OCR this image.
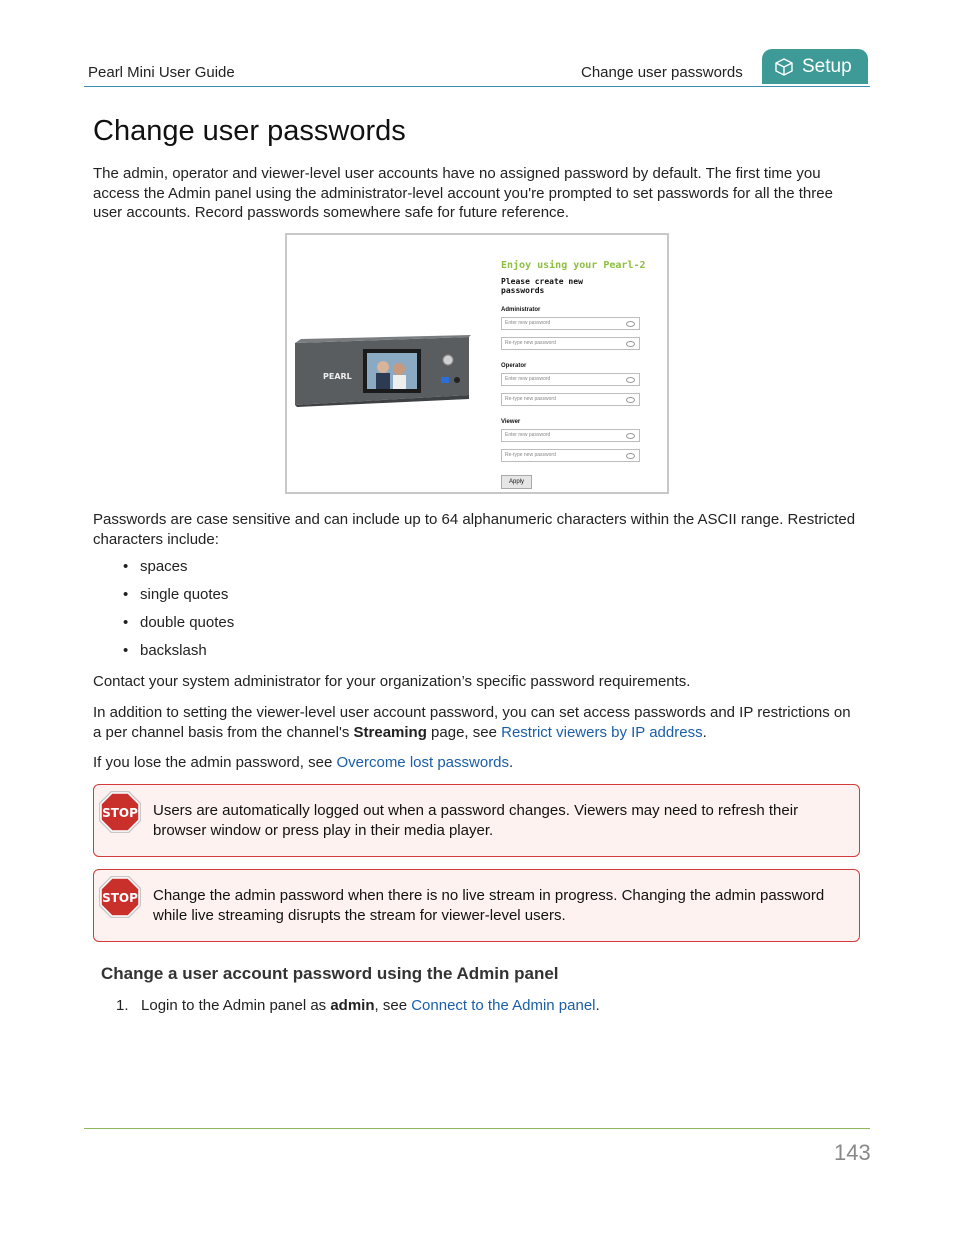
Pearl Mini User Guide	Change user passwords	Setup
Change user passwords

The admin, operator and viewer-level user accounts have no assigned password by default. The first time you access the Admin panel using the administrator-level account you're prompted to set passwords for all the three user accounts. Record passwords somewhere safe for future reference.

PEARL
Enjoy using your Pearl-2
Please create new passwords
Administrator
Enter new password
Re-type new password
Operator
Enter new password
Re-type new password
Viewer
Enter new password
Re-type new password
Apply

Passwords are case sensitive and can include up to 64 alphanumeric characters within the ASCII range. Restricted characters include:

• spaces
• single quotes
• double quotes
• backslash

Contact your system administrator for your organization’s specific password requirements.

In addition to setting the viewer-level user account password, you can set access passwords and IP restrictions on a per channel basis from the channel's Streaming page, see Restrict viewers by IP address.

If you lose the admin password, see Overcome lost passwords.

STOP Users are automatically logged out when a password changes. Viewers may need to refresh their browser window or press play in their media player.

STOP Change the admin password when there is no live stream in progress. Changing the admin password while live streaming disrupts the stream for viewer-level users.

Change a user account password using the Admin panel

1. Login to the Admin panel as admin, see Connect to the Admin panel.

143
